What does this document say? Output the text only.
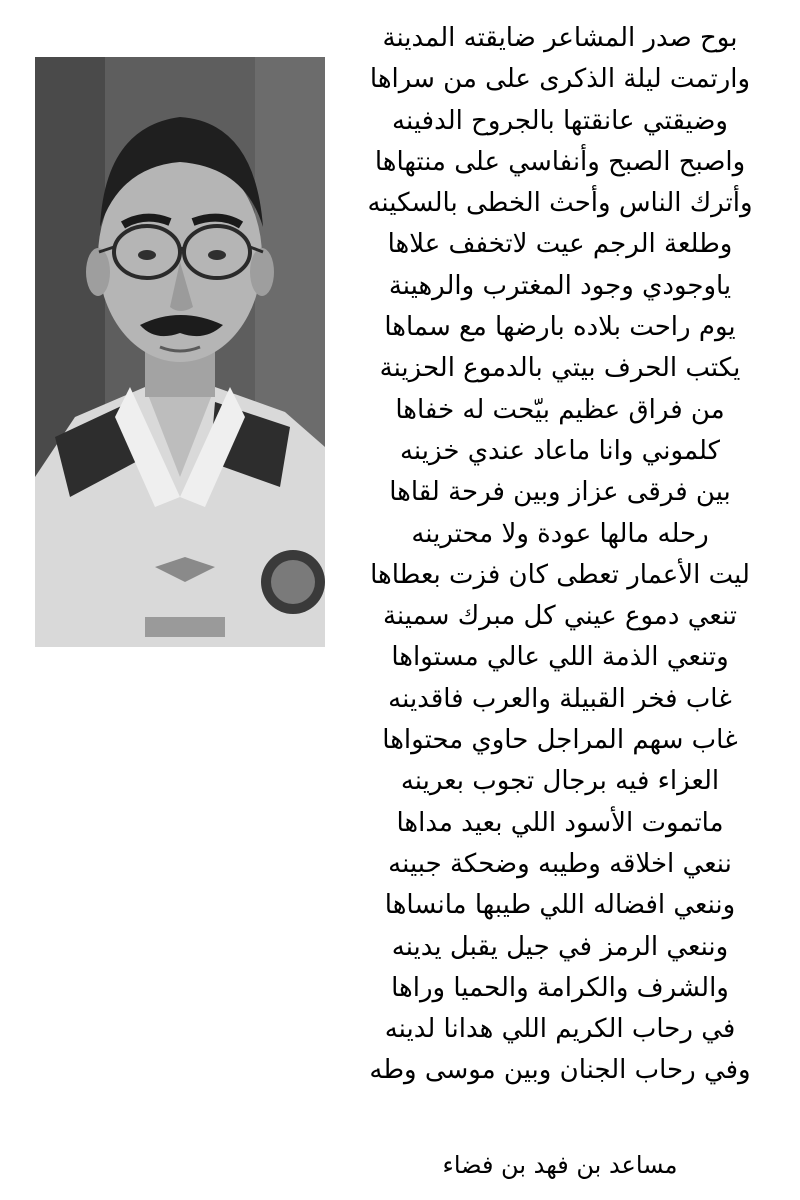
بوح صدر المشاعر ضايقته المدينة
وارتمت ليلة الذكرى على من سراها
وضيقتي عانقتها بالجروح الدفينه
واصبح الصبح وأنفاسي على منتهاها
وأترك الناس وأحث الخطى بالسكينه
وطلعة الرجم عيت لاتخفف علاها
ياوجودي وجود المغترب والرهينة
يوم راحت بلاده بارضها مع سماها
يكتب الحرف بيتي بالدموع الحزينة
من فراق عظيم بيّحت له خفاها
كلموني وانا ماعاد عندي خزينه
بين فرقى عزاز وبين فرحة لقاها
رحله مالها عودة ولا محترينه
ليت الأعمار تعطى كان فزت بعطاها
تنعي دموع عيني كل مبرك سمينة
وتنعي الذمة اللي عالي مستواها
غاب فخر القبيلة والعرب فاقدينه
غاب سهم المراجل حاوي محتواها
العزاء فيه برجال تجوب بعرينه
ماتموت الأسود اللي بعيد مداها
ننعي اخلاقه وطيبه وضحكة جبينه
وننعي افضاله اللي طيبها مانساها
وننعي الرمز في جيل يقبل يدينه
والشرف والكرامة والحميا وراها
في رحاب الكريم اللي هدانا لدينه
وفي رحاب الجنان وبين موسى وطه
مساعد بن فهد بن فضاء
